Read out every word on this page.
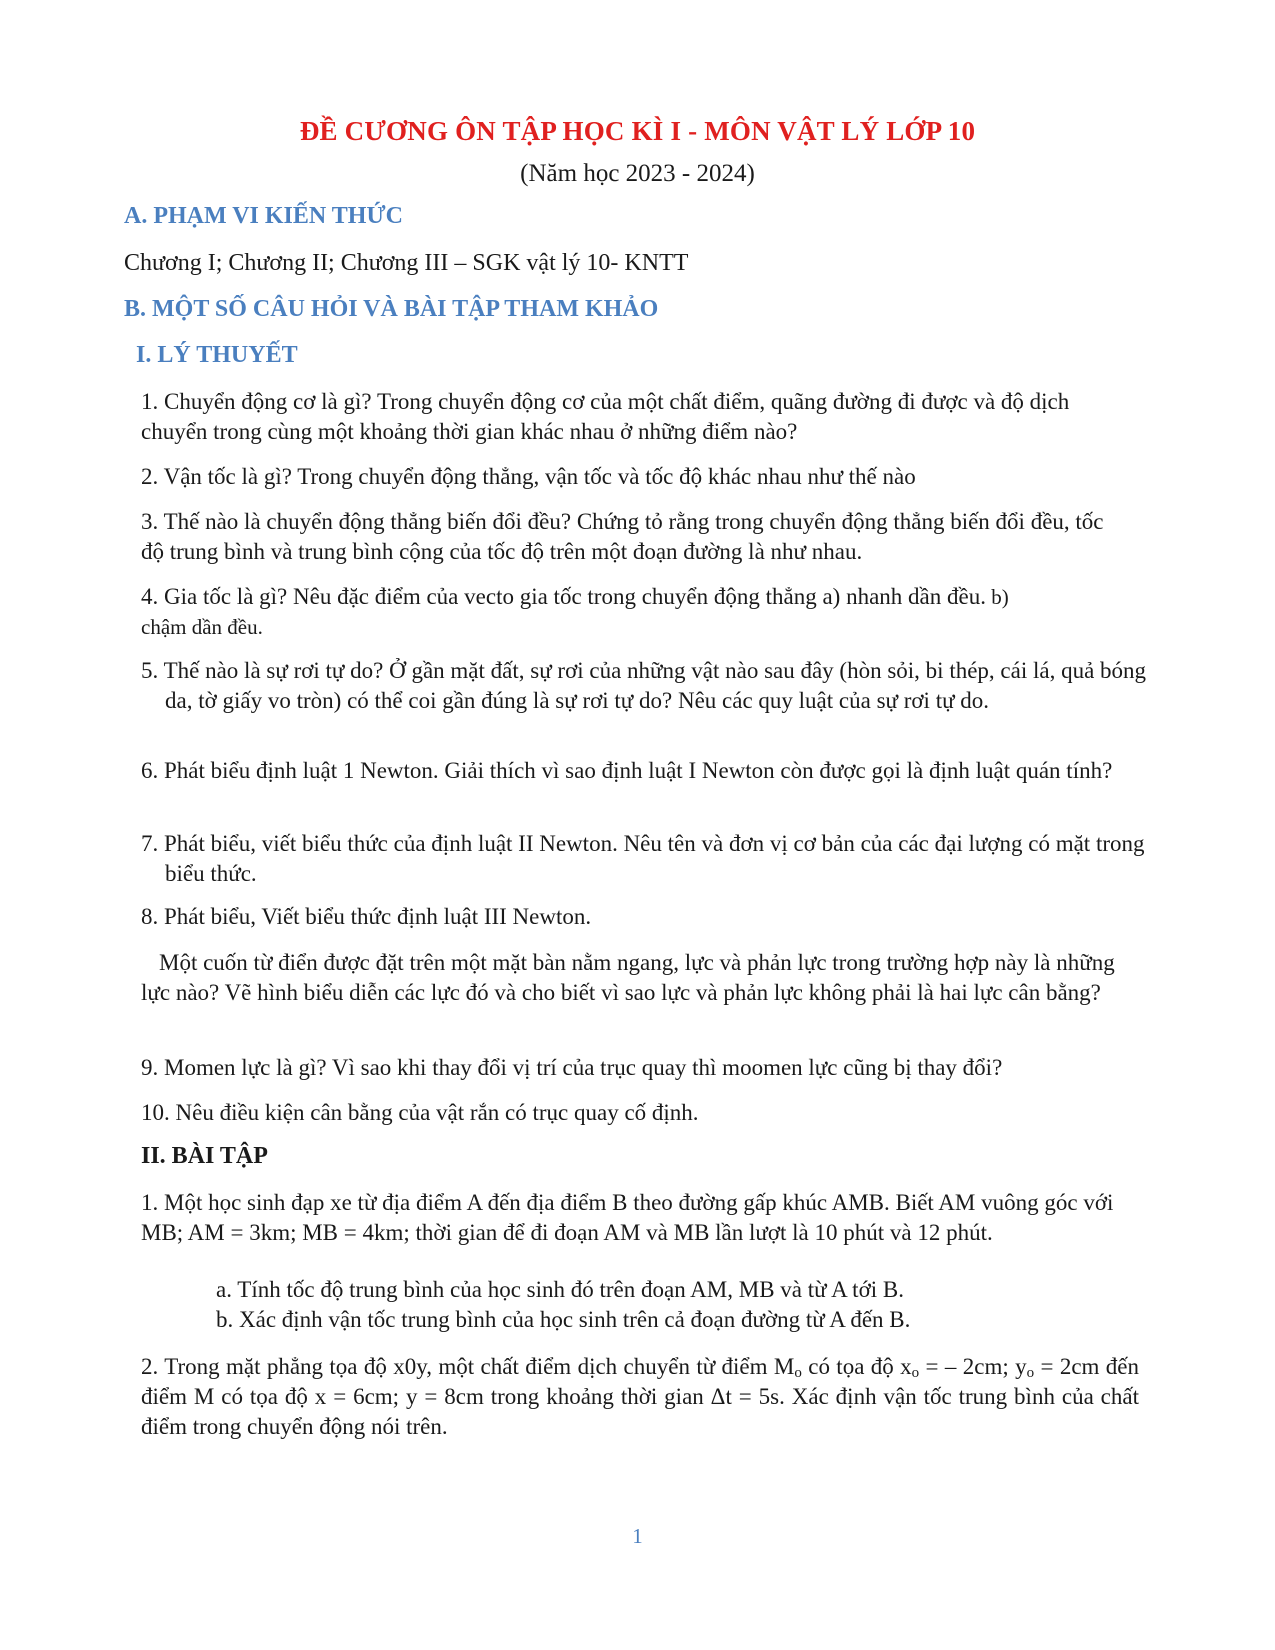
ĐỀ CƯƠNG ÔN TẬP HỌC KÌ I - MÔN VẬT LÝ LỚP 10
(Năm học 2023 - 2024)
A. PHẠM VI KIẾN THỨC
Chương I; Chương II; Chương III – SGK vật lý 10- KNTT
B. MỘT SỐ CÂU HỎI VÀ BÀI TẬP THAM KHẢO
I. LÝ THUYẾT
1. Chuyển động cơ là gì? Trong chuyển động cơ của một chất điểm, quãng đường đi được và độ dịch chuyển trong cùng một khoảng thời gian khác nhau ở những điểm nào?
2. Vận tốc là gì? Trong chuyển động thẳng, vận tốc và tốc độ khác nhau như thế nào
3. Thế nào là chuyển động thẳng biến đổi đều? Chứng tỏ rằng trong chuyển động thẳng biến đổi đều, tốc độ trung bình và trung bình cộng của tốc độ trên một đoạn đường là như nhau.
4. Gia tốc là gì? Nêu đặc điểm của vecto gia tốc trong chuyển động thẳng a) nhanh dần đều. b)
chậm dần đều.
5. Thế nào là sự rơi tự do? Ở gần mặt đất, sự rơi của những vật nào sau đây (hòn sỏi, bi thép, cái lá, quả bóng da, tờ giấy vo tròn) có thể coi gần đúng là sự rơi tự do? Nêu các quy luật của sự rơi tự do.
6. Phát biểu định luật 1 Newton. Giải thích vì sao định luật I Newton còn được gọi là định luật quán tính?
7. Phát biểu, viết biểu thức của định luật II Newton. Nêu tên và đơn vị cơ bản của các đại lượng có mặt trong biểu thức.
8. Phát biểu, Viết biểu thức định luật III Newton.
Một cuốn từ điển được đặt trên một mặt bàn nằm ngang, lực và phản lực trong trường hợp này là những lực nào? Vẽ hình biểu diễn các lực đó và cho biết vì sao lực và phản lực không phải là hai lực cân bằng?
9. Momen lực là gì? Vì sao khi thay đổi vị trí của trục quay thì moomen lực cũng bị thay đổi?
10. Nêu điều kiện cân bằng của vật rắn có trục quay cố định.
II. BÀI TẬP
1. Một học sinh đạp xe từ địa điểm A đến địa điểm B theo đường gấp khúc AMB. Biết AM vuông góc với MB; AM = 3km; MB = 4km; thời gian để đi đoạn AM và MB lần lượt là 10 phút và 12 phút.
a. Tính tốc độ trung bình của học sinh đó trên đoạn AM, MB và từ A tới B.
b. Xác định vận tốc trung bình của học sinh trên cả đoạn đường từ A đến B.
2. Trong mặt phẳng tọa độ x0y, một chất điểm dịch chuyển từ điểm $M_o$ có tọa độ $x_o$ = – 2cm; $y_o = 2cm$ đến điểm M có tọa độ x = 6cm; y = 8cm trong khoảng thời gian Δt = 5s. Xác định vận tốc trung bình của chất điểm trong chuyển động nói trên.
1
